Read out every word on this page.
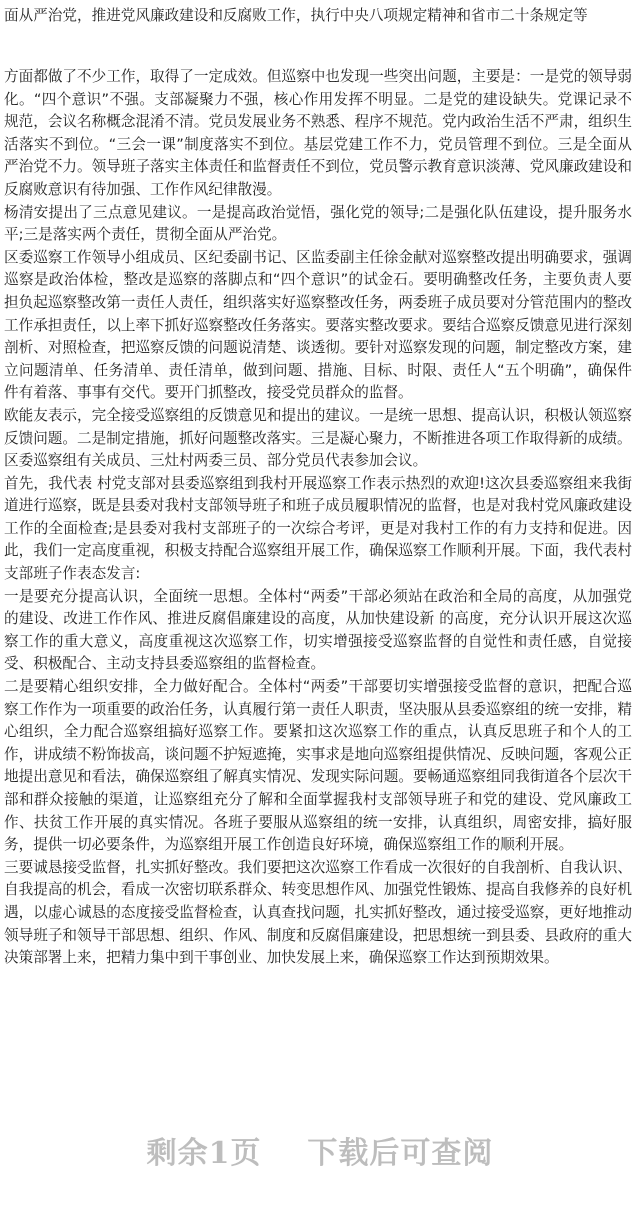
面从严治党，推进党风廉政建设和反腐败工作，执行中央八项规定精神和省市二十条规定等

方面都做了不少工作，取得了一定成效。但巡察中也发现一些突出问题，主要是：一是党的领导弱化。“四个意识”不强。支部凝聚力不强，核心作用发挥不明显。二是党的建设缺失。党课记录不规范，会议名称概念混淆不清。党员发展业务不熟悉、程序不规范。党内政治生活不严肃，组织生活落实不到位。“三会一课”制度落实不到位。基层党建工作不力，党员管理不到位。三是全面从严治党不力。领导班子落实主体责任和监督责任不到位，党员警示教育意识淡薄、党风廉政建设和反腐败意识有待加强、工作作风纪律散漫。

杨清安提出了三点意见建议。一是提高政治觉悟，强化党的领导;二是强化队伍建设，提升服务水平;三是落实两个责任，贯彻全面从严治党。

区委巡察工作领导小组成员、区纪委副书记、区监委副主任徐金献对巡察整改提出明确要求，强调巡察是政治体检，整改是巡察的落脚点和“四个意识”的试金石。要明确整改任务，主要负责人要担负起巡察整改第一责任人责任，组织落实好巡察整改任务，两委班子成员要对分管范围内的整改工作承担责任，以上率下抓好巡察整改任务落实。要落实整改要求。要结合巡察反馈意见进行深刻剖析、对照检查，把巡察反馈的问题说清楚、谈透彻。要针对巡察发现的问题，制定整改方案，建立问题清单、任务清单、责任清单，做到问题、措施、目标、时限、责任人“五个明确”，确保件件有着落、事事有交代。要开门抓整改，接受党员群众的监督。

欧能友表示，完全接受巡察组的反馈意见和提出的建议。一是统一思想、提高认识，积极认领巡察反馈问题。二是制定措施，抓好问题整改落实。三是凝心聚力，不断推进各项工作取得新的成绩。

区委巡察组有关成员、三灶村两委三员、部分党员代表参加会议。

首先，我代表 村党支部对县委巡察组到我村开展巡察工作表示热烈的欢迎!这次县委巡察组来我街道进行巡察，既是县委对我村支部领导班子和班子成员履职情况的监督，也是对我村党风廉政建设工作的全面检查;是县委对我村支部班子的一次综合考评，更是对我村工作的有力支持和促进。因此，我们一定高度重视，积极支持配合巡察组开展工作，确保巡察工作顺利开展。下面，我代表村支部班子作表态发言:

一是要充分提高认识，全面统一思想。全体村“两委”干部必须站在政治和全局的高度，从加强党的建设、改进工作作风、推进反腐倡廉建设的高度，从加快建设新 的高度，充分认识开展这次巡察工作的重大意义，高度重视这次巡察工作，切实增强接受巡察监督的自觉性和责任感，自觉接受、积极配合、主动支持县委巡察组的监督检查。

二是要精心组织安排，全力做好配合。全体村“两委”干部要切实增强接受监督的意识，把配合巡察工作作为一项重要的政治任务，认真履行第一责任人职责，坚决服从县委巡察组的统一安排，精心组织，全力配合巡察组搞好巡察工作。要紧扣这次巡察工作的重点，认真反思班子和个人的工作，讲成绩不粉饰拔高，谈问题不护短遮掩，实事求是地向巡察组提供情况、反映问题，客观公正地提出意见和看法，确保巡察组了解真实情况、发现实际问题。要畅通巡察组同我街道各个层次干部和群众接触的渠道，让巡察组充分了解和全面掌握我村支部领导班子和党的建设、党风廉政工作、扶贫工作开展的真实情况。各班子要服从巡察组的统一安排，认真组织，周密安排，搞好服务，提供一切必要条件，为巡察组开展工作创造良好环境，确保巡察组工作的顺利开展。

三要诚恳接受监督，扎实抓好整改。我们要把这次巡察工作看成一次很好的自我剖析、自我认识、自我提高的机会，看成一次密切联系群众、转变思想作风、加强党性锻炼、提高自我修养的良好机遇，以虚心诚恳的态度接受监督检查，认真查找问题，扎实抓好整改，通过接受巡察，更好地推动领导班子和领导干部思想、组织、作风、制度和反腐倡廉建设，把思想统一到县委、县政府的重大决策部署上来，把精力集中到干事创业、加快发展上来，确保巡察工作达到预期效果。

剩余1页    下载后可查阅
